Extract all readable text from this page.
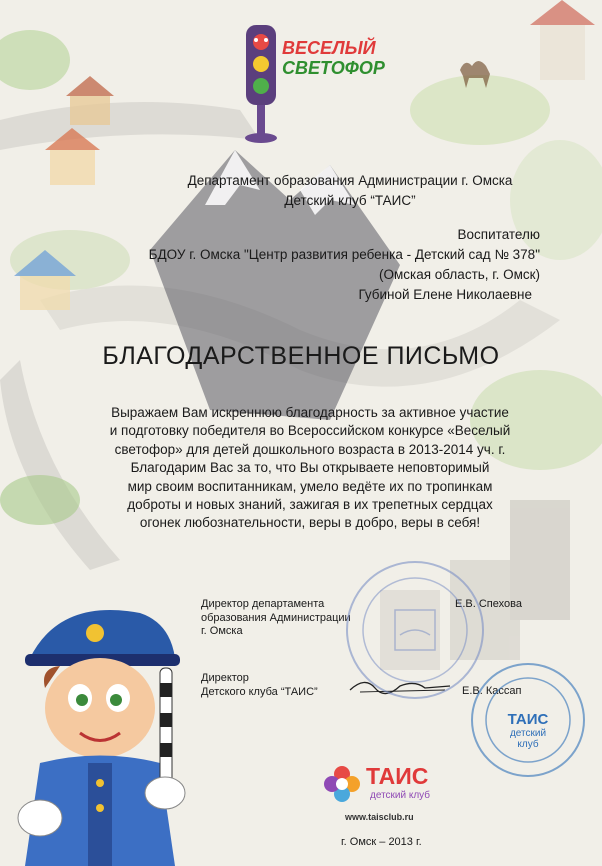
ВЕСЕЛЫЙ
СВЕТОФОР
Департамент образования Администрации г. Омска
Детский клуб “ТАИС”
Воспитателю
БДОУ г. Омска "Центр развития ребенка - Детский сад № 378"
(Омская область, г. Омск)
Губиной Елене Николаевне
БЛАГОДАРСТВЕННОЕ ПИСЬМО
Выражаем Вам искреннюю благодарность за активное участие
и подготовку победителя во Всероссийском конкурсе «Веселый
светофор» для детей дошкольного возраста в 2013-2014 уч. г.
Благодарим Вас за то, что Вы открываете неповторимый
мир своим воспитанникам, умело ведёте их по тропинкам
доброты и новых знаний, зажигая в их трепетных сердцах
огонек любознательности, веры в добро, веры в себя!
Директор департамента
образования Администрации
г. Омска
Е.В. Спехова
Директор
Детского клуба “ТАИС”	Е.В. Кассап
ТАИС
детский
клуб
ТАИС
детский клуб
www.taisclub.ru
г. Омск – 2013 г.
